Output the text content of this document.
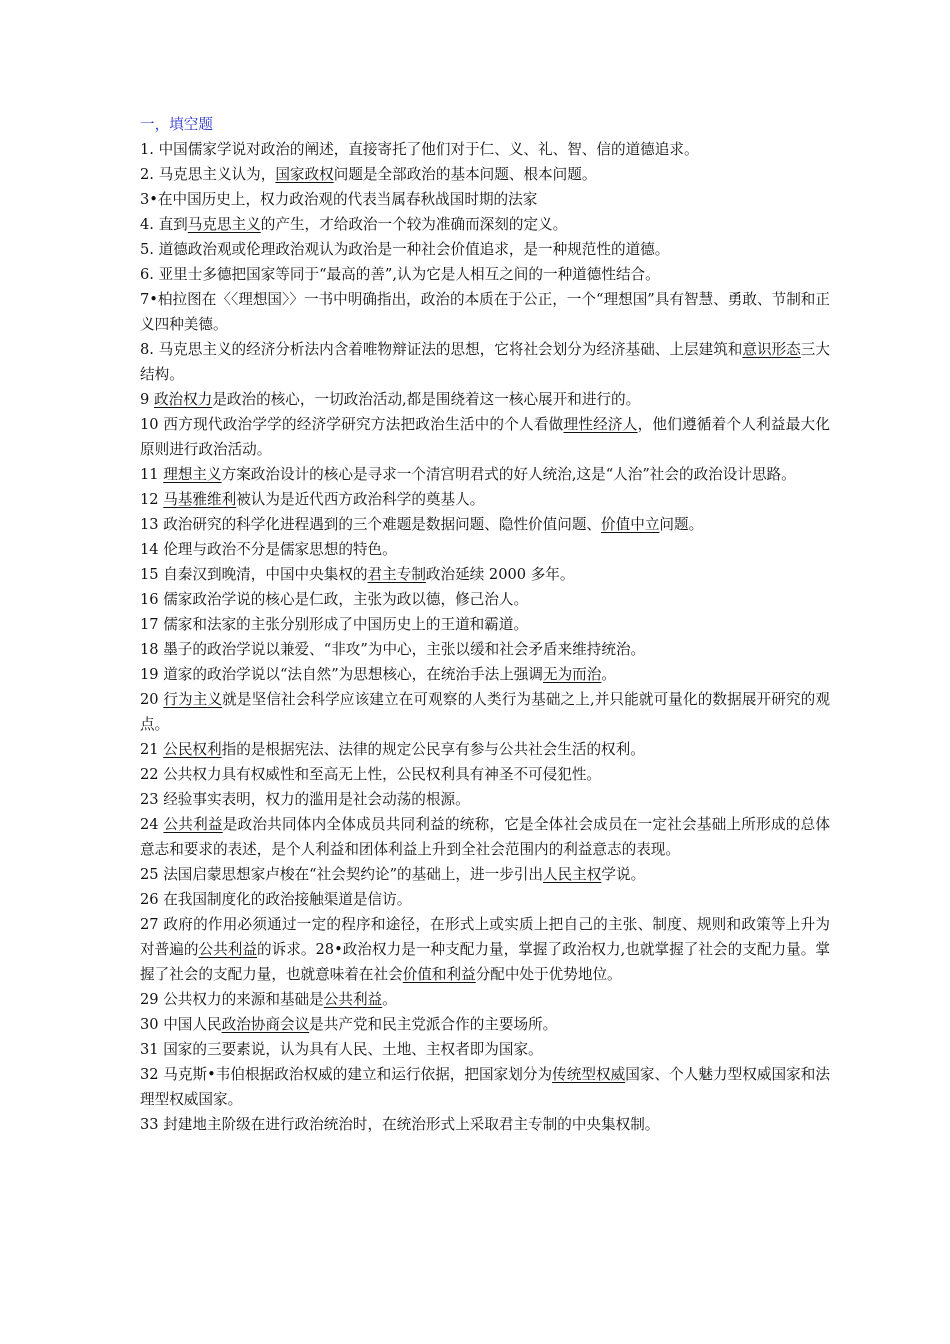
一，填空题

1. 中国儒家学说对政治的阐述，直接寄托了他们对于仁、义、礼、智、信的道德追求。

2. 马克思主义认为，国家政权问题是全部政治的基本问题、根本问题。

3•在中国历史上，权力政治观的代表当属春秋战国时期的法家

4. 直到马克思主义的产生，才给政治一个较为准确而深刻的定义。

5. 道德政治观或伦理政治观认为政治是一种社会价值追求，是一种规范性的道德。

6. 亚里士多德把国家等同于“最高的善”,认为它是人相互之间的一种道德性结合。

7•柏拉图在〈〈理想国〉〉一书中明确指出，政治的本质在于公正，一个“理想国”具有智慧、勇敢、节制和正义四种美德。

8. 马克思主义的经济分析法内含着唯物辩证法的思想，它将社会划分为经济基础、上层建筑和意识形态三大结构。

9 政治权力是政治的核心，一切政治活动,都是围绕着这一核心展开和进行的。

10 西方现代政治学学的经济学研究方法把政治生活中的个人看做理性经济人，他们遵循着个人利益最大化原则进行政治活动。

11 理想主义方案政治设计的核心是寻求一个清宫明君式的好人统治,这是“人治”社会的政治设计思路。

12 马基雅维利被认为是近代西方政治科学的奠基人。

13 政治研究的科学化进程遇到的三个难题是数据问题、隐性价值问题、价值中立问题。

14 伦理与政治不分是儒家思想的特色。

15 自秦汉到晚清，中国中央集权的君主专制政治延续 2000 多年。

16 儒家政治学说的核心是仁政，主张为政以德，修己治人。

17 儒家和法家的主张分别形成了中国历史上的王道和霸道。

18 墨子的政治学说以兼爱、“非攻”为中心，主张以缓和社会矛盾来维持统治。

19 道家的政治学说以“法自然”为思想核心，在统治手法上强调无为而治。

20 行为主义就是坚信社会科学应该建立在可观察的人类行为基础之上,并只能就可量化的数据展开研究的观点。

21 公民权利指的是根据宪法、法律的规定公民享有参与公共社会生活的权利。

22 公共权力具有权威性和至高无上性，公民权利具有神圣不可侵犯性。

23 经验事实表明，权力的滥用是社会动荡的根源。

24 公共利益是政治共同体内全体成员共同利益的统称，它是全体社会成员在一定社会基础上所形成的总体意志和要求的表述，是个人利益和团体利益上升到全社会范围内的利益意志的表现。

25 法国启蒙思想家卢梭在“社会契约论”的基础上，进一步引出人民主权学说。

26 在我国制度化的政治接触渠道是信访。

27 政府的作用必须通过一定的程序和途径，在形式上或实质上把自己的主张、制度、规则和政策等上升为对普遍的公共利益的诉求。28•政治权力是一种支配力量，掌握了政治权力,也就掌握了社会的支配力量。掌握了社会的支配力量，也就意味着在社会价值和利益分配中处于优势地位。

29 公共权力的来源和基础是公共利益。

30 中国人民政治协商会议是共产党和民主党派合作的主要场所。

31 国家的三要素说，认为具有人民、土地、主权者即为国家。

32 马克斯•韦伯根据政治权威的建立和运行依据，把国家划分为传统型权威国家、个人魅力型权威国家和法理型权威国家。

33 封建地主阶级在进行政治统治时，在统治形式上采取君主专制的中央集权制。
